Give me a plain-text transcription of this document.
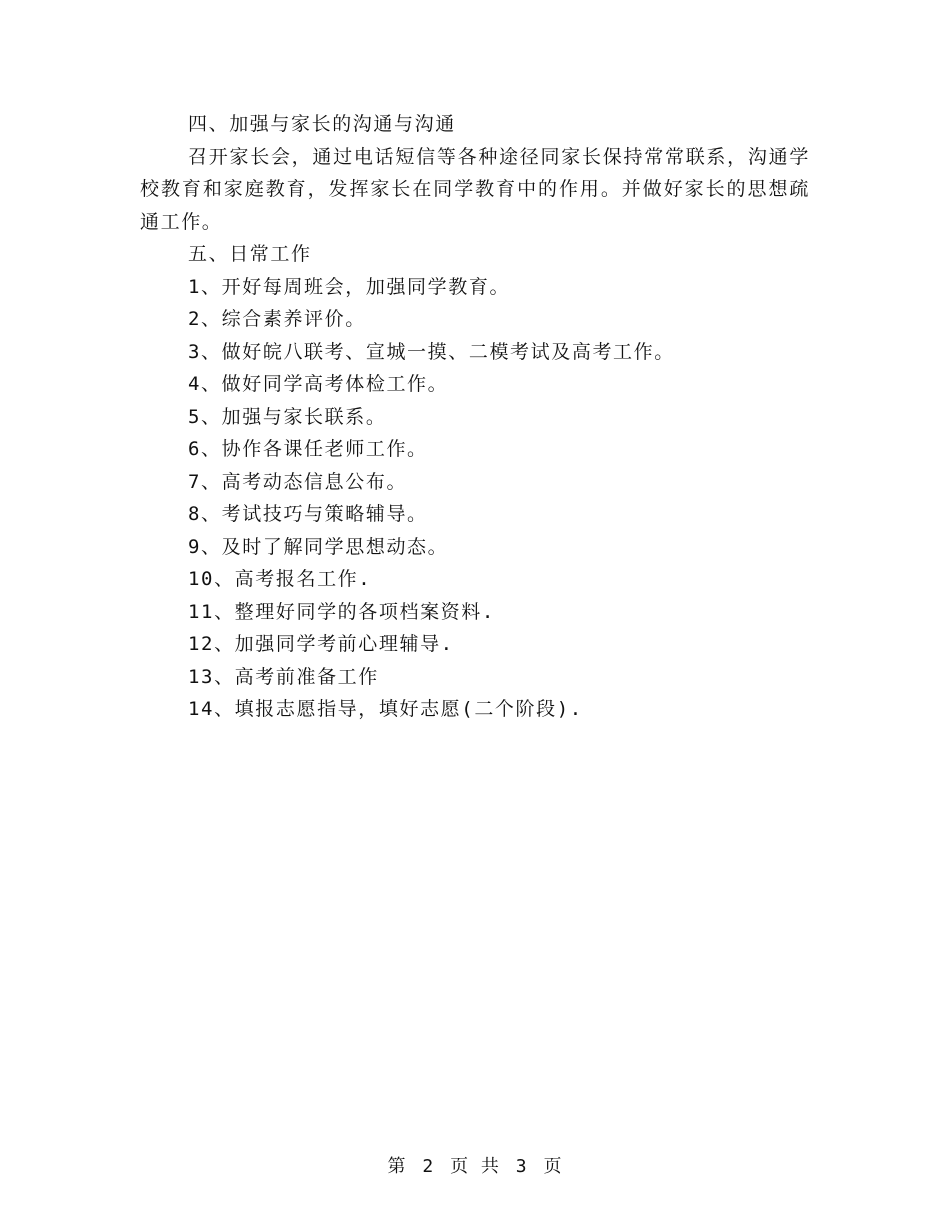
四、加强与家长的沟通与沟通
召开家长会，通过电话短信等各种途径同家长保持常常联系，沟通学校教育和家庭教育，发挥家长在同学教育中的作用。并做好家长的思想疏通工作。
五、日常工作
1、开好每周班会，加强同学教育。
2、综合素养评价。
3、做好皖八联考、宣城一摸、二模考试及高考工作。
4、做好同学高考体检工作。
5、加强与家长联系。
6、协作各课任老师工作。
7、高考动态信息公布。
8、考试技巧与策略辅导。
9、及时了解同学思想动态。
10、高考报名工作.
11、整理好同学的各项档案资料.
12、加强同学考前心理辅导.
13、高考前准备工作
14、填报志愿指导，填好志愿(二个阶段).
第 2 页 共 3 页
